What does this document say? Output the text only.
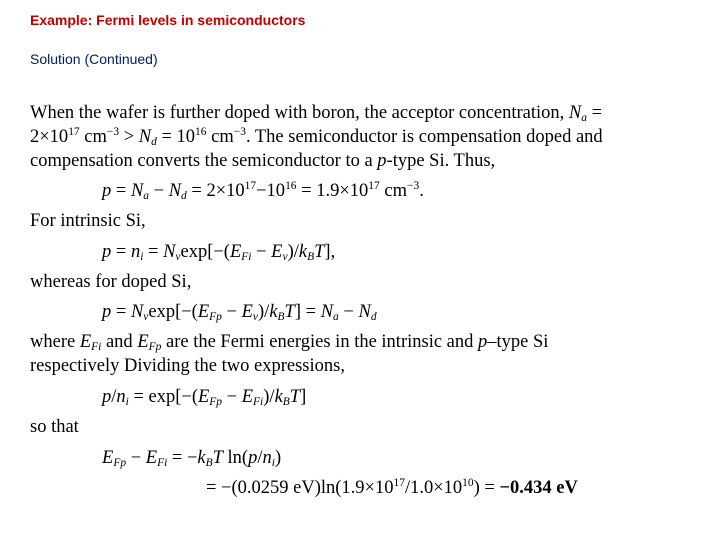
Example: Fermi levels in semiconductors
Solution (Continued)
When the wafer is further doped with boron, the acceptor concentration, $N_a$ =
$2\times 10^{17}$ $cm^{-3} > N_d = 10^{16}$ $cm^{-3}$. The semiconductor is compensation doped and
compensation converts the semiconductor to a p-type Si. Thus,
$p = N_a - N_d = 2\times 10^{17}-10^{16} = 1.9\times 10^{17}$ $cm^{-3}$.
For intrinsic Si,
$p = n_i = N_v\exp[-(E_{Fi} - E_v)/k_BT]$,
whereas for doped Si,
$p = N_v\exp[-(E_{Fp} - E_v)/k_BT] = N_a - N_d$
where $E_{Fi}$ and $E_{Fp}$ are the Fermi energies in the intrinsic and p–type Si
respectively Dividing the two expressions,
$p/n_i = \exp[-(E_{Fp} - E_{Fi})/k_BT]$
so that
$E_{Fp} - E_{Fi} = -k_BT$ $\ln(p/n_i)$
= −(0.0259 $eV)\ln(1.9\times 10^{17}/1.0\times 10^{10}) = -0.434$ eV
